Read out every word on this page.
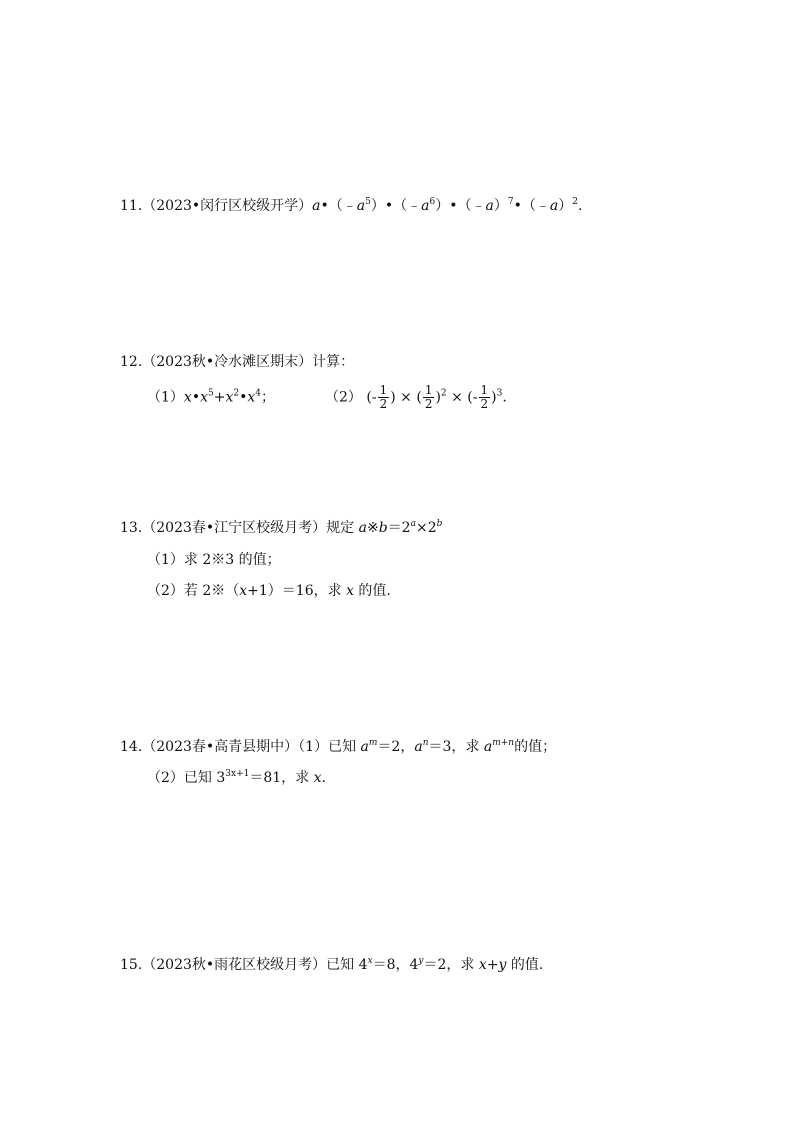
11.（2023•闵行区校级开学）$a•(﹣a^5)•(﹣a^6)•(﹣a)^7•(﹣a)^2$.
12.（2023秋•冷水滩区期末）计算：
$(1)x•x^5+x^2•x^4$；	（2） (- $\frac{1}{2}$ ) × ( $\frac{1}{2} )^2$ × (- $\frac{1}{2} )^3$.
13.（2023春•江宁区校级月考）规定 $a※b=2^a\times 2^b$
（1）求 2※3 的值；
（2）若 2※（x+1）＝16，求 x 的值.
14.（2023春•高青县期中）（1）已知 $a^m=2$，$a^n=3$，求 $a^{m+n}$的值；
（2）已知 $3^{3x+1}=81$，求 x.
15.（2023秋•雨花区校级月考）已知 $4^x=8$，$4^y=2$，求 x+y 的值.
